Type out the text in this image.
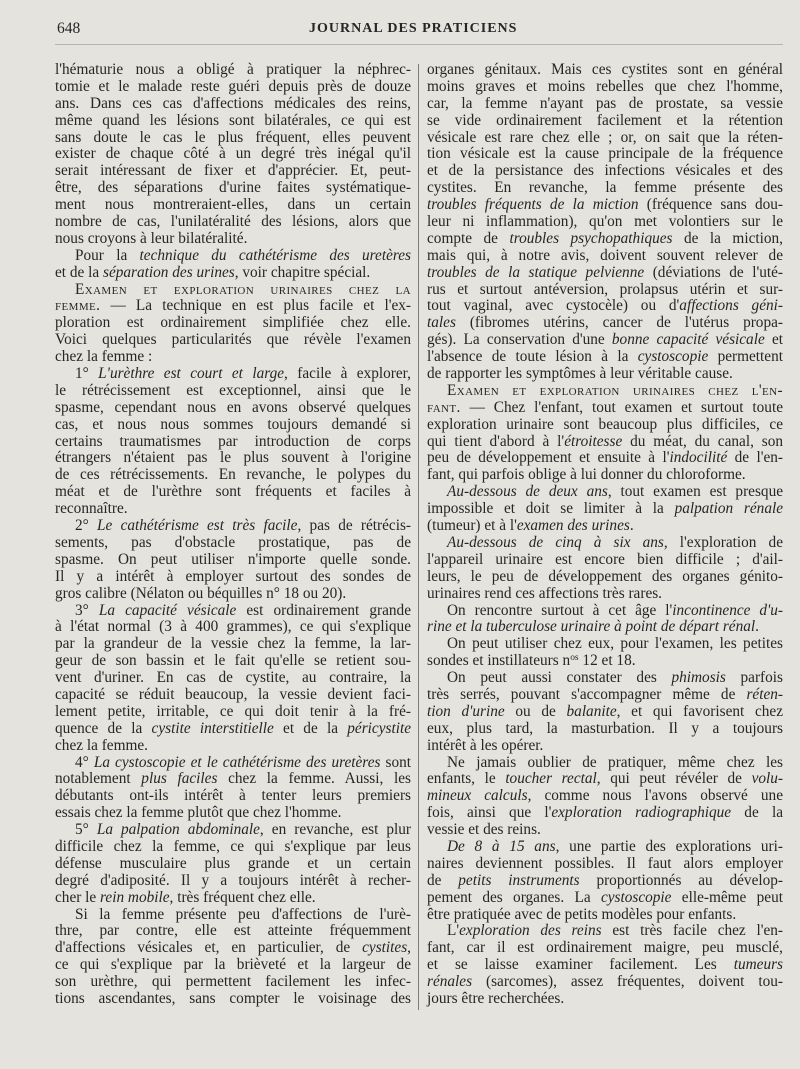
648	JOURNAL DES PRATICIENS
l'hématurie nous a obligé à pratiquer la néphrec-
tomie et le malade reste guéri depuis près de douze
ans. Dans ces cas d'affections médicales des reins,
même quand les lésions sont bilatérales, ce qui est
sans doute le cas le plus fréquent, elles peuvent
exister de chaque côté à un degré très inégal qu'il
serait intéressant de fixer et d'apprécier. Et, peut-
être, des séparations d'urine faites systématique-
ment nous montreraient-elles, dans un certain
nombre de cas, l'unilatéralité des lésions, alors que
nous croyons à leur bilatéralité.
Pour la technique du cathétérisme des uretères
et de la séparation des urines, voir chapitre spécial.
Examen et exploration urinaires chez la
femme. — La technique en est plus facile et l'ex-
ploration est ordinairement simplifiée chez elle.
Voici quelques particularités que révèle l'examen
chez la femme :
1° L'urèthre est court et large, facile à explorer,
le rétrécissement est exceptionnel, ainsi que le
spasme, cependant nous en avons observé quelques
cas, et nous nous sommes toujours demandé si
certains traumatismes par introduction de corps
étrangers n'étaient pas le plus souvent à l'origine
de ces rétrécissements. En revanche, le polypes du
méat et de l'urèthre sont fréquents et faciles à
reconnaître.
2° Le cathétérisme est très facile, pas de rétrécis-
sements, pas d'obstacle prostatique, pas de
spasme. On peut utiliser n'importe quelle sonde.
Il y a intérêt à employer surtout des sondes de
gros calibre (Nélaton ou béquilles n° 18 ou 20).
3° La capacité vésicale est ordinairement grande
à l'état normal (3 à 400 grammes), ce qui s'explique
par la grandeur de la vessie chez la femme, la lar-
geur de son bassin et le fait qu'elle se retient sou-
vent d'uriner. En cas de cystite, au contraire, la
capacité se réduit beaucoup, la vessie devient faci-
lement petite, irritable, ce qui doit tenir à la fré-
quence de la cystite interstitielle et de la péricystite
chez la femme.
4° La cystoscopie et le cathétérisme des uretères sont
notablement plus faciles chez la femme. Aussi, les
débutants ont-ils intérêt à tenter leurs premiers
essais chez la femme plutôt que chez l'homme.
5° La palpation abdominale, en revanche, est plur
difficile chez la femme, ce qui s'explique par leus
défense musculaire plus grande et un certain
degré d'adiposité. Il y a toujours intérêt à recher-
cher le rein mobile, très fréquent chez elle.
Si la femme présente peu d'affections de l'urè-
thre, par contre, elle est atteinte fréquemment
d'affections vésicales et, en particulier, de cystites,
ce qui s'explique par la brièveté et la largeur de
son urèthre, qui permettent facilement les infec-
tions ascendantes, sans compter le voisinage des
organes génitaux. Mais ces cystites sont en général
moins graves et moins rebelles que chez l'homme,
car, la femme n'ayant pas de prostate, sa vessie
se vide ordinairement facilement et la rétention
vésicale est rare chez elle ; or, on sait que la réten-
tion vésicale est la cause principale de la fréquence
et de la persistance des infections vésicales et des
cystites. En revanche, la femme présente des
troubles fréquents de la miction (fréquence sans dou-
leur ni inflammation), qu'on met volontiers sur le
compte de troubles psychopathiques de la miction,
mais qui, à notre avis, doivent souvent relever de
troubles de la statique pelvienne (déviations de l'uté-
rus et surtout antéversion, prolapsus utérin et sur-
tout vaginal, avec cystocèle) ou d'affections géni-
tales (fibromes utérins, cancer de l'utérus propa-
gés). La conservation d'une bonne capacité vésicale et
l'absence de toute lésion à la cystoscopie permettent
de rapporter les symptômes à leur véritable cause.
Examen et exploration urinaires chez l'en-
fant. — Chez l'enfant, tout examen et surtout toute
exploration urinaire sont beaucoup plus difficiles, ce
qui tient d'abord à l'étroitesse du méat, du canal, son
peu de développement et ensuite à l'indocilité de l'en-
fant, qui parfois oblige à lui donner du chloroforme.
Au-dessous de deux ans, tout examen est presque
impossible et doit se limiter à la palpation rénale
(tumeur) et à l'examen des urines.
Au-dessous de cinq à six ans, l'exploration de
l'appareil urinaire est encore bien difficile ; d'ail-
leurs, le peu de développement des organes génito-
urinaires rend ces affections très rares.
On rencontre surtout à cet âge l'incontinence d'u-
rine et la tuberculose urinaire à point de départ rénal.
On peut utiliser chez eux, pour l'examen, les petites
sondes et instillateurs $n^{os}$ 12 et 18.
On peut aussi constater des phimosis parfois
très serrés, pouvant s'accompagner même de réten-
tion d'urine ou de balanite, et qui favorisent chez
eux, plus tard, la masturbation. Il y a toujours
intérêt à les opérer.
Ne jamais oublier de pratiquer, même chez les
enfants, le toucher rectal, qui peut révéler de volu-
mineux calculs, comme nous l'avons observé une
fois, ainsi que l'exploration radiographique de la
vessie et des reins.
De 8 à 15 ans, une partie des explorations uri-
naires deviennent possibles. Il faut alors employer
de petits instruments proportionnés au dévelop-
pement des organes. La cystoscopie elle-même peut
être pratiquée avec de petits modèles pour enfants.
L'exploration des reins est très facile chez l'en-
fant, car il est ordinairement maigre, peu musclé,
et se laisse examiner facilement. Les tumeurs
rénales (sarcomes), assez fréquentes, doivent tou-
jours être recherchées.
